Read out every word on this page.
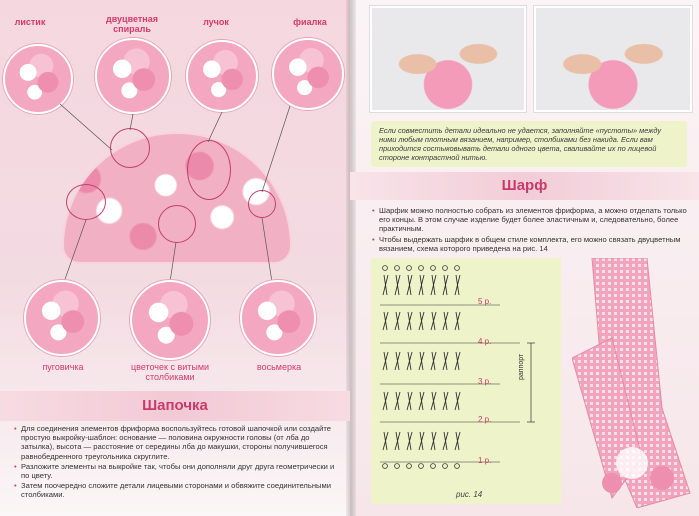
листик	двуцветная
спираль
лучок	фиалка
пуговичка	цветочек с витыми
столбиками
восьмерка
Шапочка
• Для соединения элементов фриформа воспользуйтесь готовой шапочкой или создайте простую выкройку-шаблон: основание — половина окружности головы (от лба до затылка), высота — расстояние от середины лба до макушки, стороны получившегося равнобедренного треугольника скруглите.
• Разложите элементы на выкройке так, чтобы они дополняли друг друга геометрически и по цвету.
• Затем поочередно сложите детали лицевыми сторонами и обвяжите соединительными столбиками.
Если совместить детали идеально не удается, заполняйте «пустоты» между ними любым плотным вязанием, например, столбиками без накида. Если вам приходится состыковывать детали одного цвета, сваливайте их по лицевой стороне контрастной нитью.
Шарф
• Шарфик можно полностью собрать из элементов фриформа, а можно отделать только его концы. В этом случае изделие будет более эластичным и, следовательно, более практичным.
• Чтобы выдержать шарфик в общем стиле комплекта, его можно связать двуцветным вязанием, схема которого приведена на рис. 14
5 р.
4 р.
3 р.
2 р.
1 р.
раппорт
рис. 14
